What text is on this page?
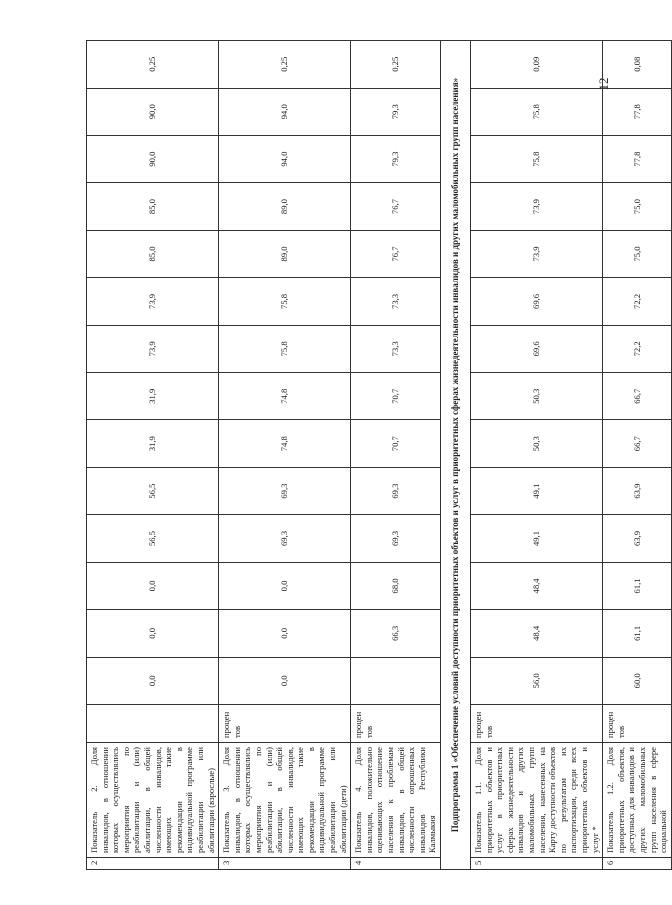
12
2	Показатель 2. Доля инвалидов, в отношении которых осуществлялись мероприятия по реабилитации и (или) абилитации, в общей численности инвалидов, имеющих такие рекомендации в индивидуальной программе реабилитации или абилитации (взрослые)		0,0	0,0	0,0	56,5	56,5	31,9	31,9	73,9	73,9	85,0	85,0	90,0	90,0	0,25
3	Показатель 3. Доля инвалидов, в отношении которых осуществлялись мероприятия по реабилитации и (или) абилитации, в общей численности инвалидов, имеющих такие рекомендации в индивидуальной программе реабилитации или абилитации (дети)	процен тов	0,0	0,0	0,0	69,3	69,3	74,8	74,8	75,8	75,8	89,0	89,0	94,0	94,0	0,25
4	Показатель 4. Доля инвалидов, положительно оценивающих отношение населения к проблемам инвалидов, в общей численности опрошенных инвалидов Республики Калмыкия	процен тов		66,3	68,0	69,3	69,3	70,7	70,7	73,3	73,3	76,7	76,7	79,3	79,3	0,25
Подпрограмма 1 «Обеспечение условий доступности приоритетных объектов и услуг в приоритетных сферах жизнедеятельности инвалидов и других маломобильных групп населения»																
5	Показатель 1.1. Доля приоритетных объектов и услуг в приоритетных сферах жизнедеятельности инвалидов и других маломобильных групп населения, нанесенных на Карту доступности объектов по результатам их паспортизации, среди всех приоритетных объектов и услуг *	процен тов	56,0	48,4	48,4	49,1	49,1	50,3	50,3	69,6	69,6	73,9	73,9	75,8	75,8	0,09
6	Показатель 1.2. Доля приоритетных объектов, доступных для инвалидов и других маломобильных групп населения в сфере социальной	процен тов	60,0	61,1	61,1	63,9	63,9	66,7	66,7	72,2	72,2	75,0	75,0	77,8	77,8	0,08
